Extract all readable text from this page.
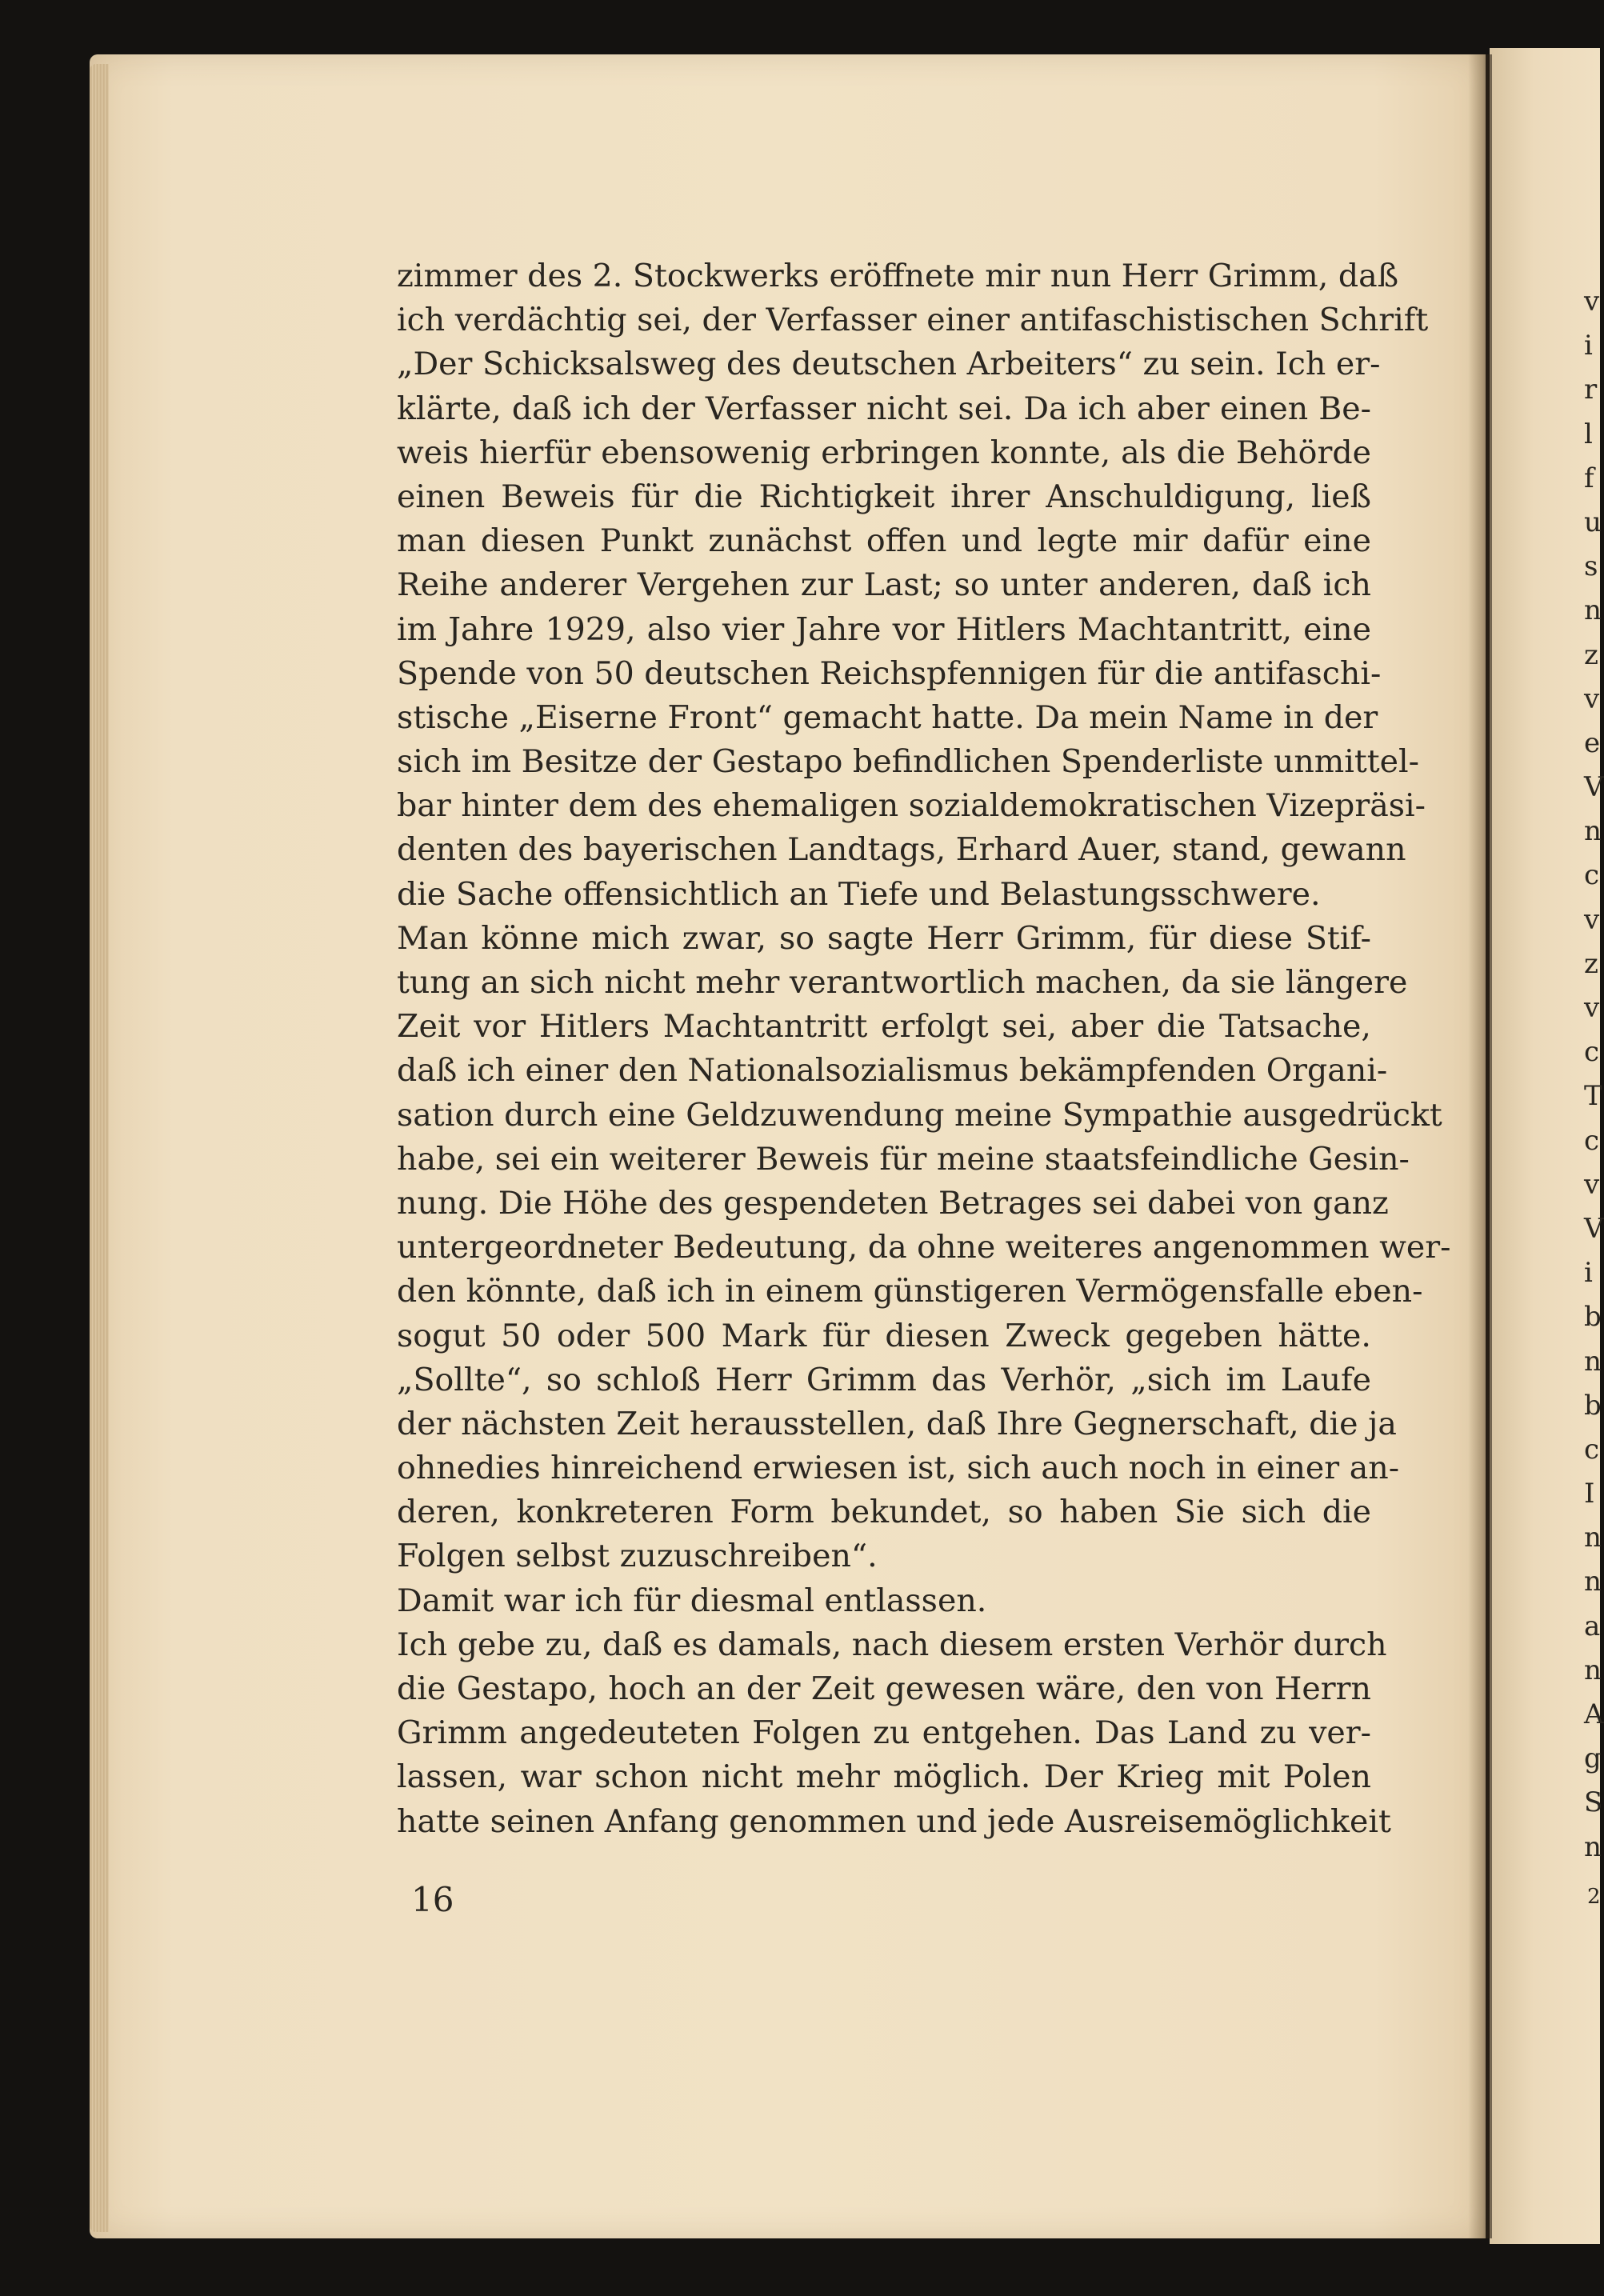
zimmer des 2. Stockwerks eröffnete mir nun Herr Grimm, daß
ich verdächtig sei, der Verfasser einer antifaschistischen Schrift
„Der Schicksalsweg des deutschen Arbeiters“ zu sein. Ich er-
klärte, daß ich der Verfasser nicht sei. Da ich aber einen Be-
weis hierfür ebensowenig erbringen konnte, als die Behörde
einen Beweis für die Richtigkeit ihrer Anschuldigung, ließ
man diesen Punkt zunächst offen und legte mir dafür eine
Reihe anderer Vergehen zur Last; so unter anderen, daß ich
im Jahre 1929, also vier Jahre vor Hitlers Machtantritt, eine
Spende von 50 deutschen Reichspfennigen für die antifaschi-
stische „Eiserne Front“ gemacht hatte. Da mein Name in der
sich im Besitze der Gestapo befindlichen Spenderliste unmittel-
bar hinter dem des ehemaligen sozialdemokratischen Vizepräsi-
denten des bayerischen Landtags, Erhard Auer, stand, gewann
die Sache offensichtlich an Tiefe und Belastungsschwere.
Man könne mich zwar, so sagte Herr Grimm, für diese Stif-
tung an sich nicht mehr verantwortlich machen, da sie längere
Zeit vor Hitlers Machtantritt erfolgt sei, aber die Tatsache,
daß ich einer den Nationalsozialismus bekämpfenden Organi-
sation durch eine Geldzuwendung meine Sympathie ausgedrückt
habe, sei ein weiterer Beweis für meine staatsfeindliche Gesin-
nung. Die Höhe des gespendeten Betrages sei dabei von ganz
untergeordneter Bedeutung, da ohne weiteres angenommen wer-
den könnte, daß ich in einem günstigeren Vermögensfalle eben-
sogut 50 oder 500 Mark für diesen Zweck gegeben hätte.
„Sollte“, so schloß Herr Grimm das Verhör, „sich im Laufe
der nächsten Zeit herausstellen, daß Ihre Gegnerschaft, die ja
ohnedies hinreichend erwiesen ist, sich auch noch in einer an-
deren, konkreteren Form bekundet, so haben Sie sich die
Folgen selbst zuzuschreiben“.
Damit war ich für diesmal entlassen.
Ich gebe zu, daß es damals, nach diesem ersten Verhör durch
die Gestapo, hoch an der Zeit gewesen wäre, den von Herrn
Grimm angedeuteten Folgen zu entgehen. Das Land zu ver-
lassen, war schon nicht mehr möglich. Der Krieg mit Polen
hatte seinen Anfang genommen und jede Ausreisemöglichkeit
16
v
i
r
l
f
u
s
n
z
v
e
V
n
c
v
z
v
c
T
c
v
V
i
b
n
b
c
I
n
n
a
n
A
g
S
n
2
